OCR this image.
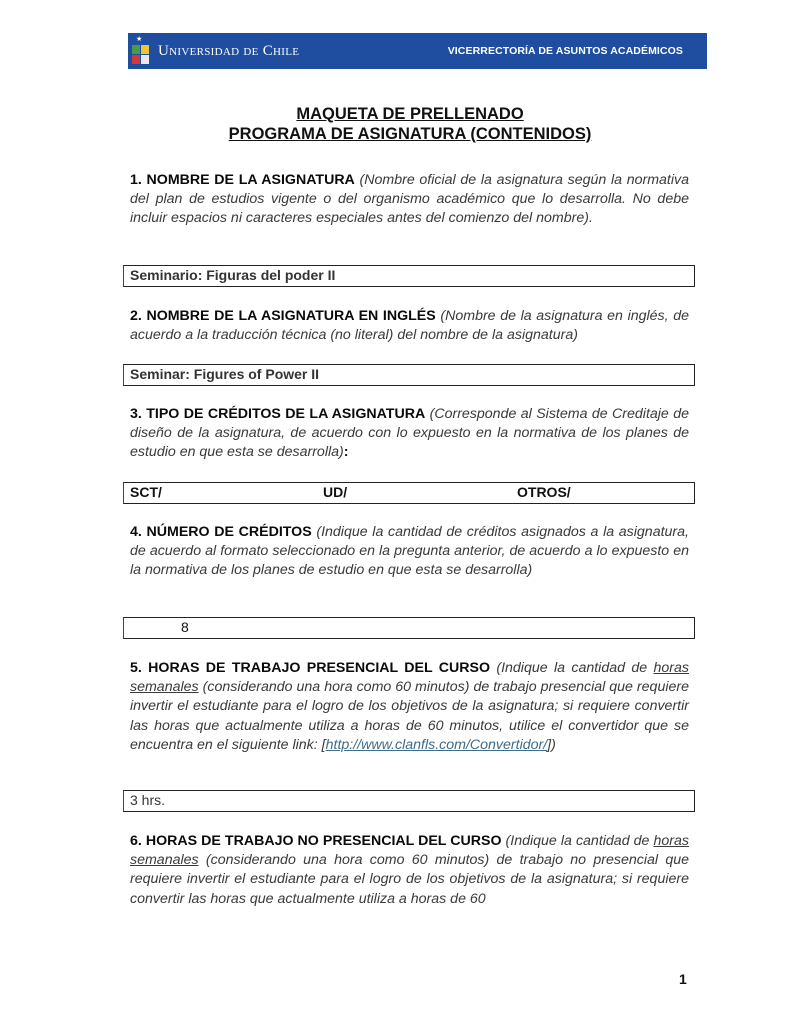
★
Universidad de Chile	VICERRECTORÍA DE ASUNTOS ACADÉMICOS
MAQUETA DE PRELLENADO
PROGRAMA DE ASIGNATURA (CONTENIDOS)
1. NOMBRE DE LA ASIGNATURA (Nombre oficial de la asignatura según la normativa del plan de estudios vigente o del organismo académico que lo desarrolla. No debe incluir espacios ni caracteres especiales antes del comienzo del nombre).
Seminario: Figuras del poder II
2. NOMBRE DE LA ASIGNATURA EN INGLÉS (Nombre de la asignatura en inglés, de acuerdo a la traducción técnica (no literal) del nombre de la asignatura)
Seminar: Figures of Power II
3. TIPO DE CRÉDITOS DE LA ASIGNATURA (Corresponde al Sistema de Creditaje de diseño de la asignatura, de acuerdo con lo expuesto en la normativa de los planes de estudio en que esta se desarrolla):
SCT/	UD/	OTROS/
4. NÚMERO DE CRÉDITOS (Indique la cantidad de créditos asignados a la asignatura, de acuerdo al formato seleccionado en la pregunta anterior, de acuerdo a lo expuesto en la normativa de los planes de estudio en que esta se desarrolla)
8
5. HORAS DE TRABAJO PRESENCIAL DEL CURSO (Indique la cantidad de horas semanales (considerando una hora como 60 minutos) de trabajo presencial que requiere invertir el estudiante para el logro de los objetivos de la asignatura; si requiere convertir las horas que actualmente utiliza a horas de 60 minutos, utilice el convertidor que se encuentra en el siguiente link: [http://www.clanfls.com/Convertidor/])
3 hrs.
6. HORAS DE TRABAJO NO PRESENCIAL DEL CURSO (Indique la cantidad de horas semanales (considerando una hora como 60 minutos) de trabajo no presencial que requiere invertir el estudiante para el logro de los objetivos de la asignatura; si requiere convertir las horas que actualmente utiliza a horas de 60
1
